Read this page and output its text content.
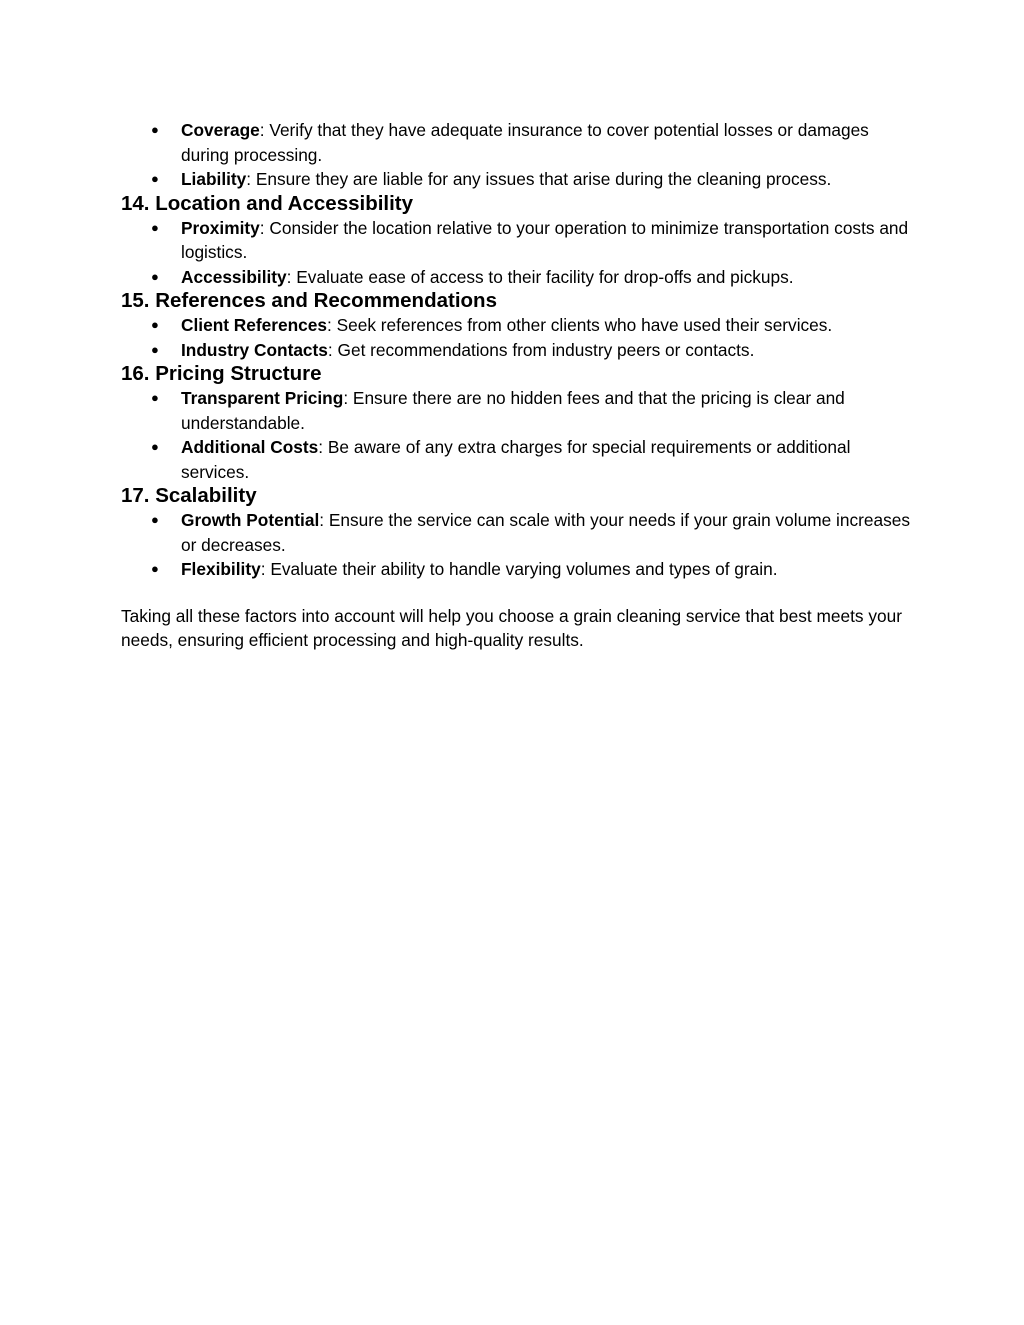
● Coverage: Verify that they have adequate insurance to cover potential losses or damages during processing.
● Liability: Ensure they are liable for any issues that arise during the cleaning process.
14. Location and Accessibility
● Proximity: Consider the location relative to your operation to minimize transportation costs and logistics.
● Accessibility: Evaluate ease of access to their facility for drop-offs and pickups.
15. References and Recommendations
● Client References: Seek references from other clients who have used their services.
● Industry Contacts: Get recommendations from industry peers or contacts.
16. Pricing Structure
● Transparent Pricing: Ensure there are no hidden fees and that the pricing is clear and understandable.
● Additional Costs: Be aware of any extra charges for special requirements or additional services.
17. Scalability
● Growth Potential: Ensure the service can scale with your needs if your grain volume increases or decreases.
● Flexibility: Evaluate their ability to handle varying volumes and types of grain.

Taking all these factors into account will help you choose a grain cleaning service that best meets your needs, ensuring efficient processing and high-quality results.
